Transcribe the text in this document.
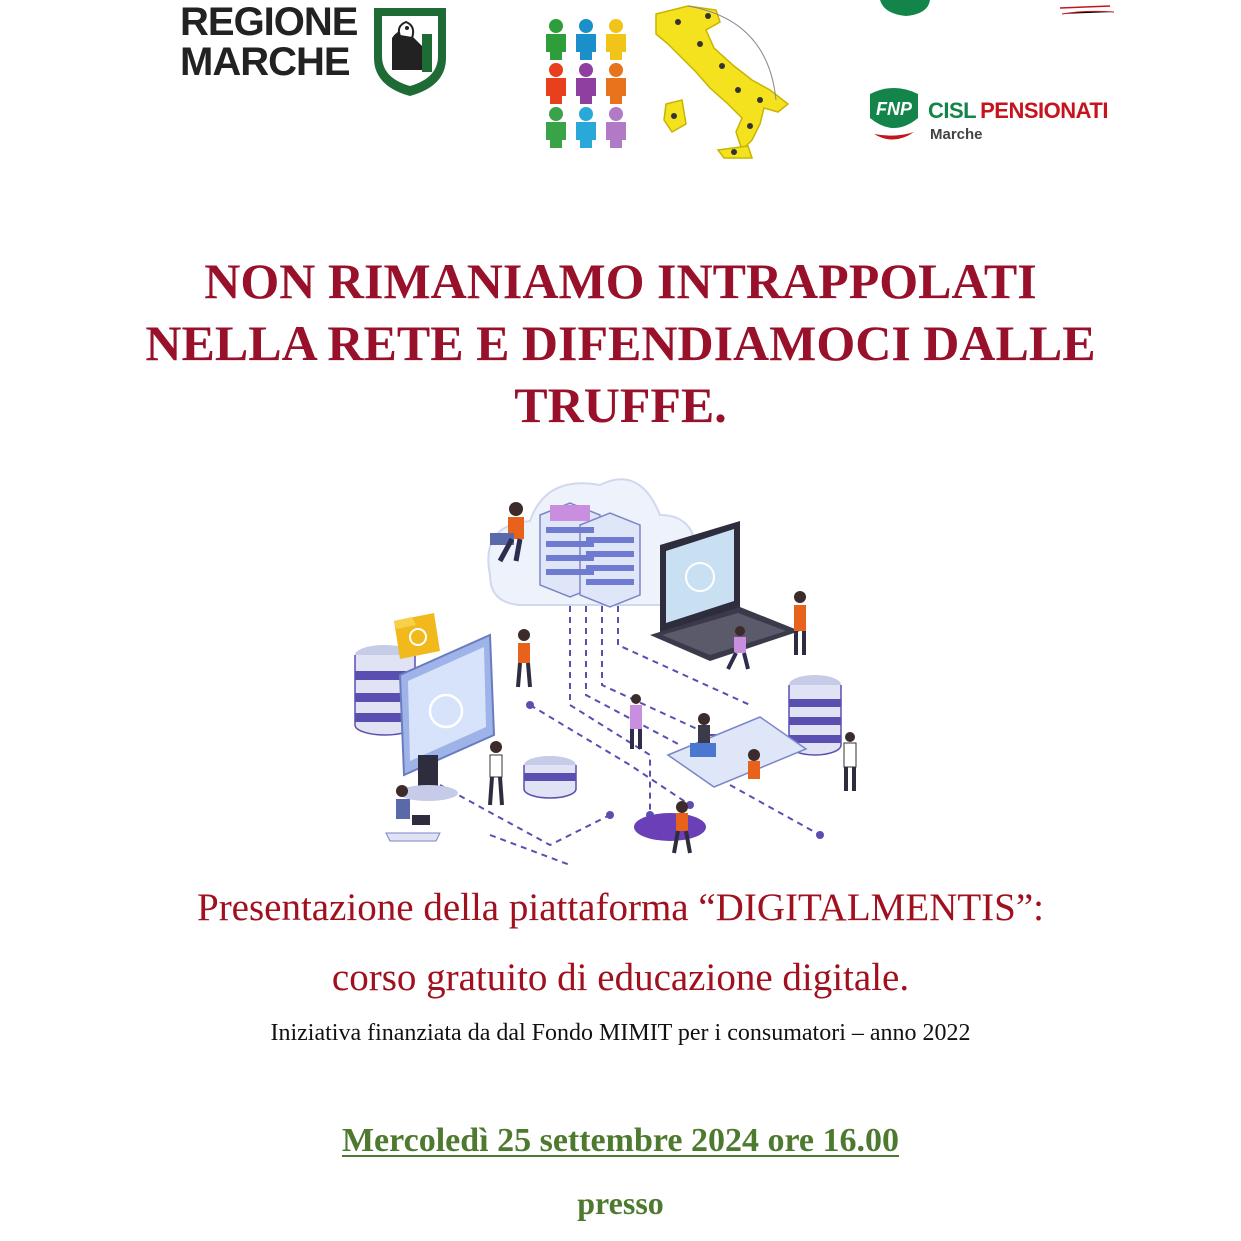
REGIONE
MARCHE
FNP CISL PENSIONATI
Marche
NON RIMANIAMO INTRAPPOLATI
NELLA RETE E DIFENDIAMOCI DALLE
TRUFFE.
Presentazione della piattaforma “DIGITALMENTIS”:
corso gratuito di educazione digitale.
Iniziativa finanziata da dal Fondo MIMIT per i consumatori – anno 2022
Mercoledì 25 settembre 2024 ore 16.00
presso
